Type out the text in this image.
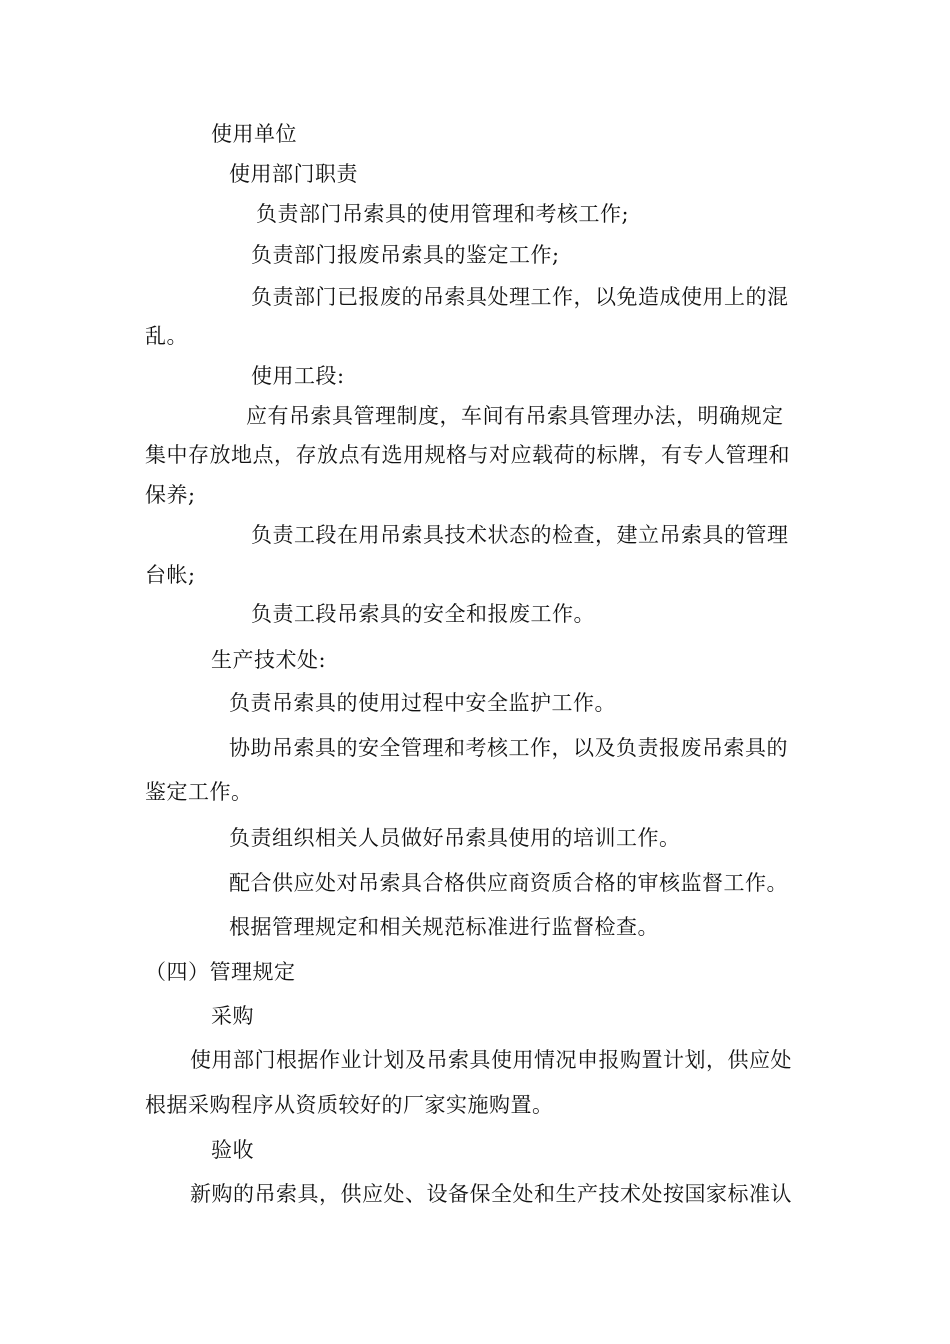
使用单位
使用部门职责
负责部门吊索具的使用管理和考核工作;
负责部门报废吊索具的鉴定工作;
负责部门已报废的吊索具处理工作，以免造成使用上的混
乱。
使用工段:
应有吊索具管理制度，车间有吊索具管理办法，明确规定
集中存放地点，存放点有选用规格与对应载荷的标牌，有专人管理和
保养;
负责工段在用吊索具技术状态的检查，建立吊索具的管理
台帐;
负责工段吊索具的安全和报废工作。
生产技术处:
负责吊索具的使用过程中安全监护工作。
协助吊索具的安全管理和考核工作，以及负责报废吊索具的
鉴定工作。
负责组织相关人员做好吊索具使用的培训工作。
配合供应处对吊索具合格供应商资质合格的审核监督工作。
根据管理规定和相关规范标准进行监督检查。
（四）管理规定
采购
使用部门根据作业计划及吊索具使用情况申报购置计划，供应处
根据采购程序从资质较好的厂家实施购置。
验收
新购的吊索具，供应处、设备保全处和生产技术处按国家标准认
